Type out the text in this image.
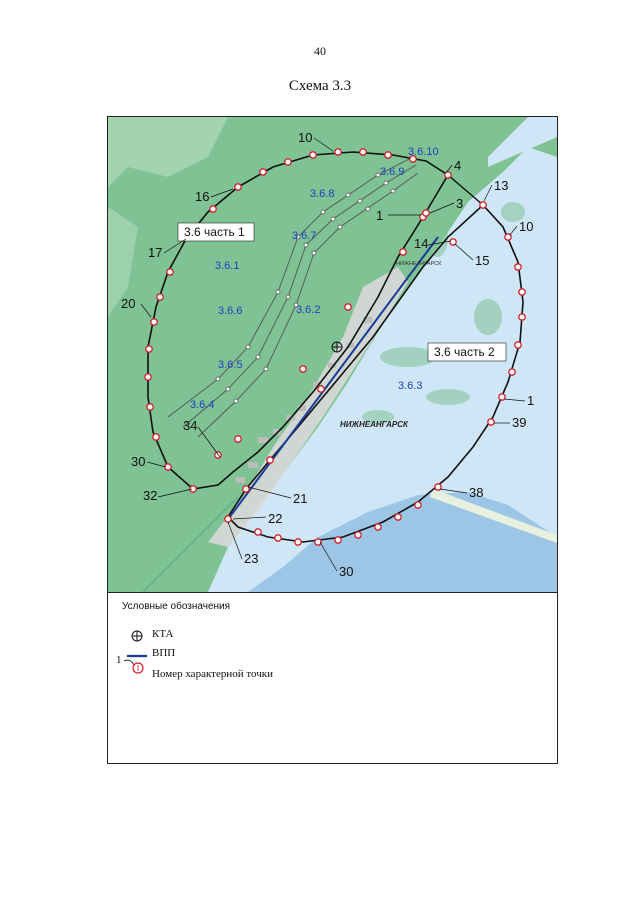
40
Схема 3.3
НИЖНЕАНГАРСК
НИЖНЕАНГАРСК
3.6 часть 1
3.6 часть 2
3.6.1
3.6.2
3.6.3
3.6.4
3.6.5
3.6.6
3.6.7
3.6.8
3.6.9
3.6.10
10
4
13
3
1
14
15
10
16
17
20
34
30
32	21
22
23
30
38
1
39
Условные обозначения
КТА
ВПП
1
Номер характерной точки
